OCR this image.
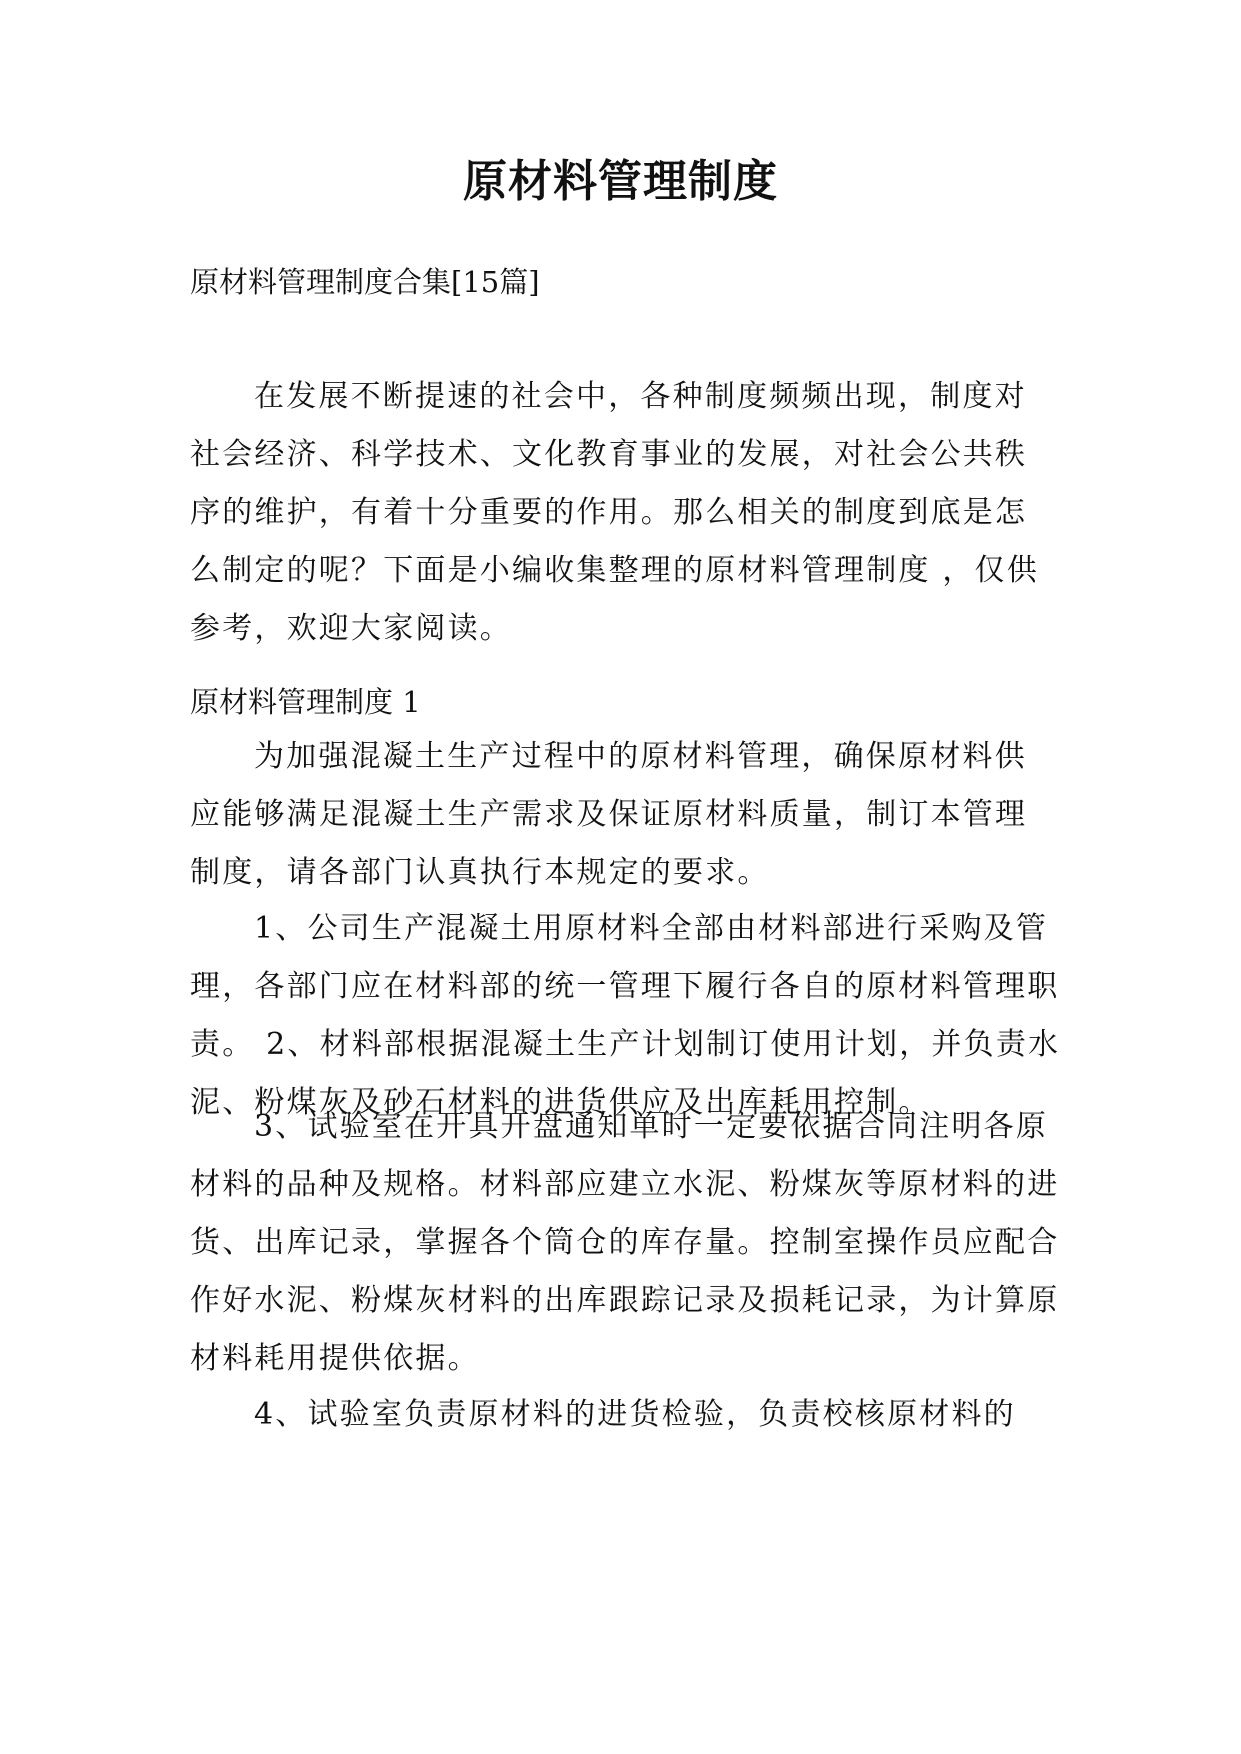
原材料管理制度

原材料管理制度合集[15篇]

在发展不断提速的社会中，各种制度频频出现，制度对社会经济、科学技术、文化教育事业的发展，对社会公共秩序的维护，有着十分重要的作用。那么相关的制度到底是怎么制定的呢？下面是小编收集整理的原材料管理制度 ，仅供参考，欢迎大家阅读。

原材料管理制度 1

为加强混凝土生产过程中的原材料管理，确保原材料供应能够满足混凝土生产需求及保证原材料质量，制订本管理制度，请各部门认真执行本规定的要求。

1、公司生产混凝土用原材料全部由材料部进行采购及管理，各部门应在材料部的统一管理下履行各自的原材料管理职责。 2、材料部根据混凝土生产计划制订使用计划，并负责水泥、粉煤灰及砂石材料的进货供应及出库耗用控制。

3、试验室在开具开盘通知单时一定要依据合同注明各原材料的品种及规格。材料部应建立水泥、粉煤灰等原材料的进货、出库记录，掌握各个筒仓的库存量。控制室操作员应配合作好水泥、粉煤灰材料的出库跟踪记录及损耗记录，为计算原材料耗用提供依据。

4、试验室负责原材料的进货检验，负责校核原材料的
